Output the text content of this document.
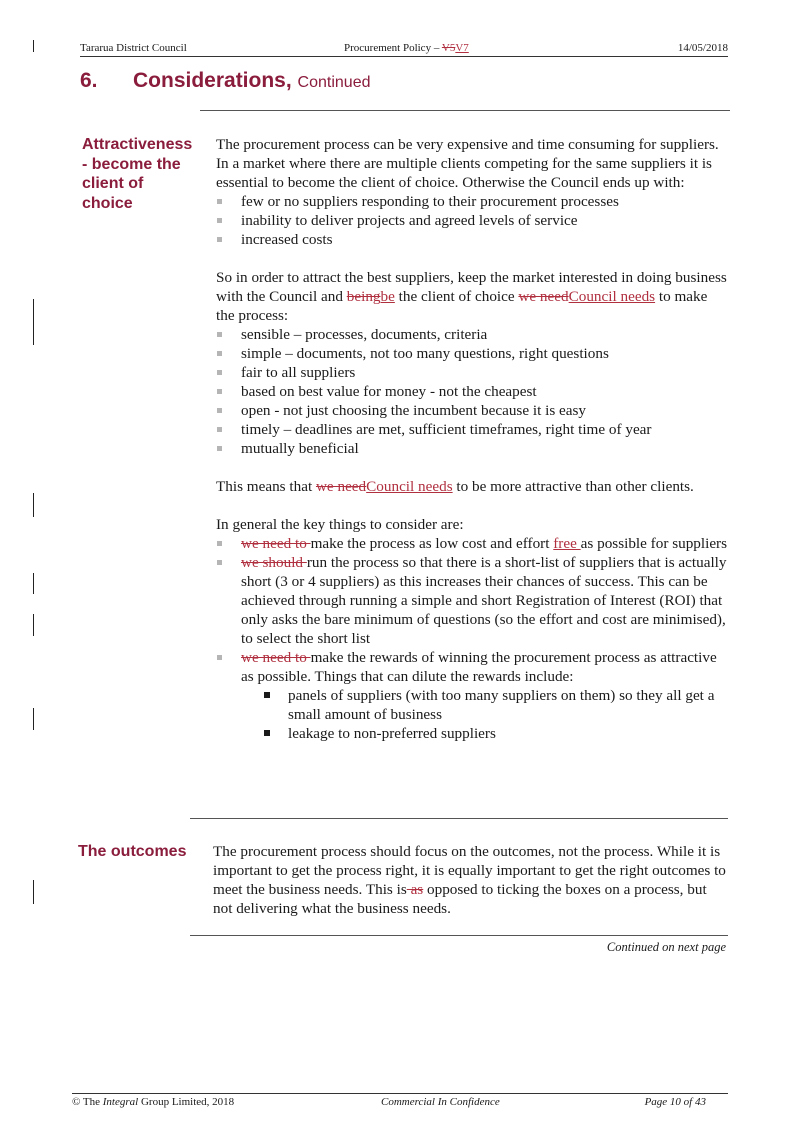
Tararua District Council	Procurement Policy – V5V7	14/05/2018
6. Considerations, Continued
Attractiveness
- become the
client of
choice

The procurement process can be very expensive and time consuming for suppliers. In a market where there are multiple clients competing for the same suppliers it is essential to become the client of choice. Otherwise the Council ends up with:

few or no suppliers responding to their procurement processes
inability to deliver projects and agreed levels of service
increased costs

So in order to attract the best suppliers, keep the market interested in doing business with the Council and beingbe the client of choice we needCouncil needs to make the process:

sensible – processes, documents, criteria
simple – documents, not too many questions, right questions
fair to all suppliers
based on best value for money - not the cheapest
open - not just choosing the incumbent because it is easy
timely – deadlines are met, sufficient timeframes, right time of year
mutually beneficial

This means that we needCouncil needs to be more attractive than other clients.

In general the key things to consider are:

we need to make the process as low cost and effort free as possible for suppliers
we should run the process so that there is a short-list of suppliers that is actually short (3 or 4 suppliers) as this increases their chances of success. This can be achieved through running a simple and short Registration of Interest (ROI) that only asks the bare minimum of questions (so the effort and cost are minimised), to select the short list
we need to make the rewards of winning the procurement process as attractive as possible. Things that can dilute the rewards include:
panels of suppliers (with too many suppliers on them) so they all get a small amount of business
leakage to non-preferred suppliers
The outcomes The procurement process should focus on the outcomes, not the process. While it is important to get the process right, it is equally important to get the right outcomes to meet the business needs. This is as opposed to ticking the boxes on a process, but not delivering what the business needs.

Continued on next page
© The Integral Group Limited, 2018	Commercial In Confidence	Page 10 of 43
